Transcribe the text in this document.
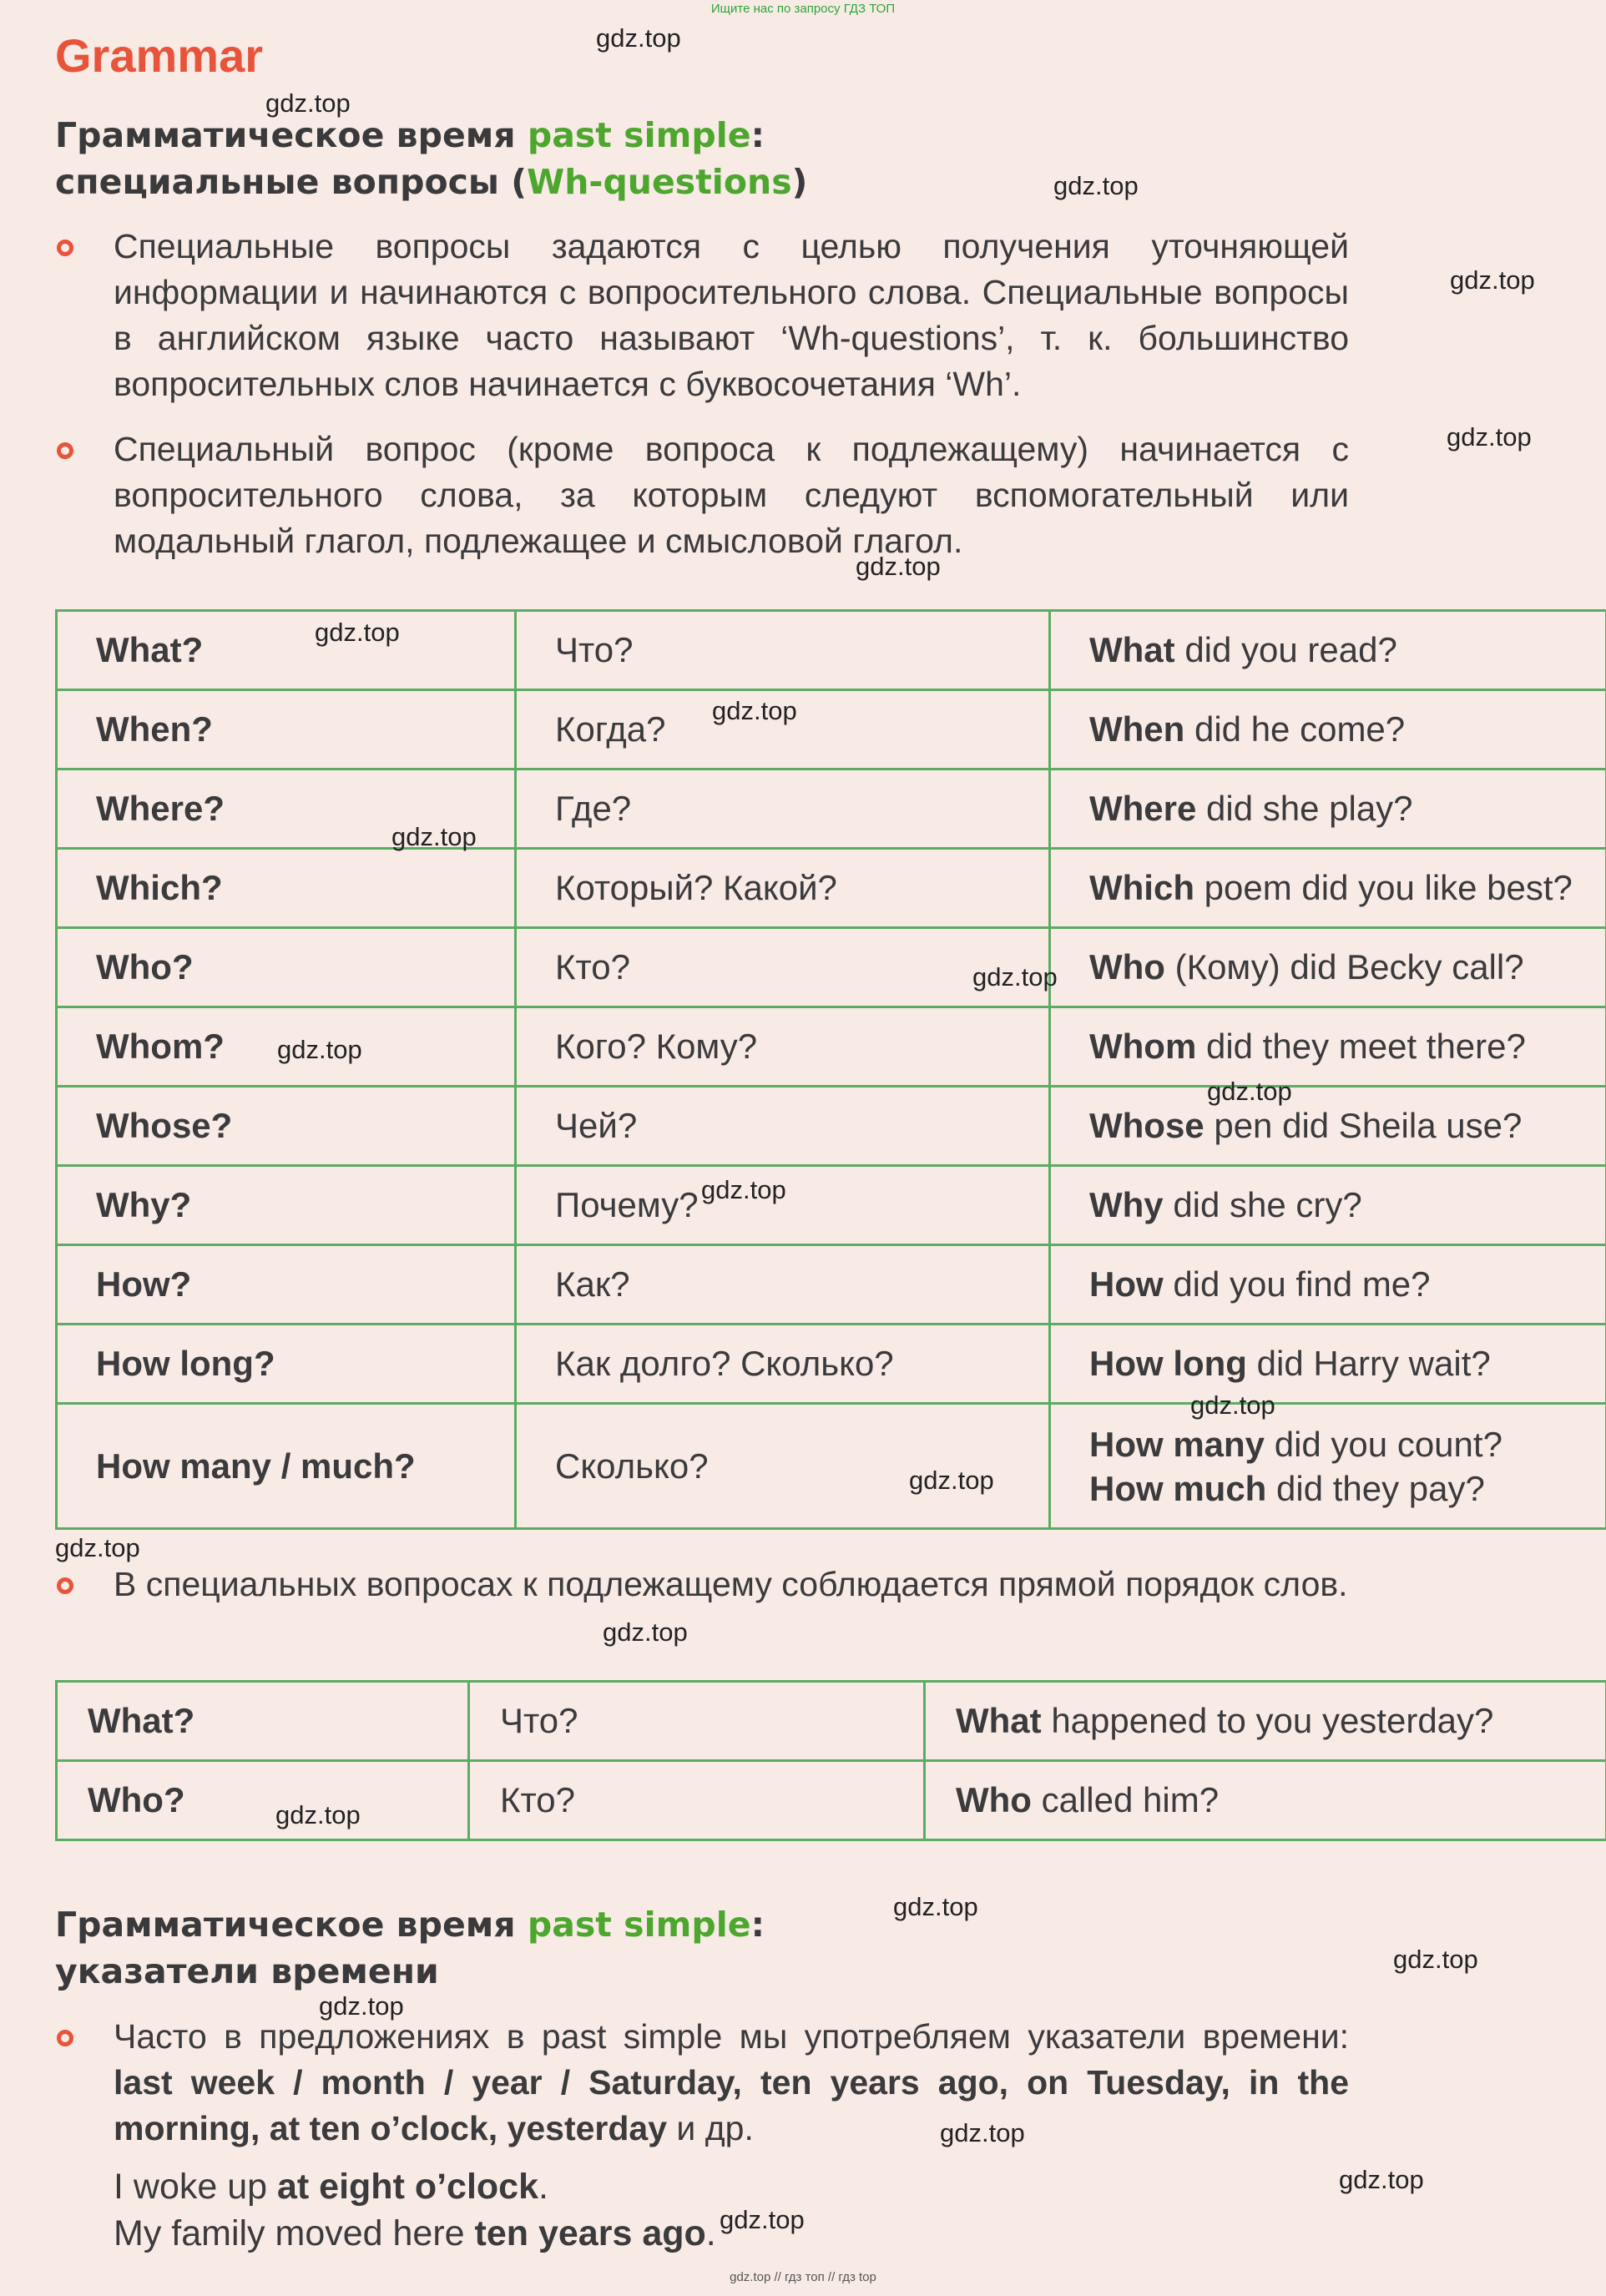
Ищите нас по запросу ГДЗ ТОП
Grammar
Грамматическое время past simple:
специальные вопросы (Wh-questions)
Специальные вопросы задаются с целью получения уточняющей информации и начинаются с вопросительного слова. Специальные вопросы в английском языке часто называют ‘Wh-questions’, т. к. большинство вопросительных слов начинается с буквосочетания ‘Wh’.
Специальный вопрос (кроме вопроса к подлежащему) начинается с вопросительного слова, за которым следуют вспомогательный или модальный глагол, подлежащее и смысловой глагол.
What?	Что?	What did you read?
When?	Когда?	When did he come?
Where?	Где?	Where did she play?
Which?	Который? Какой?	Which poem did you like best?
Who?	Кто?	Who (Кому) did Becky call?
Whom?	Кого? Кому?	Whom did they meet there?
Whose?	Чей?	Whose pen did Sheila use?
Why?	Почему?	Why did she cry?
How?	Как?	How did you find me?
How long?	Как долго? Сколько?	How long did Harry wait?
How many / much?	Сколько?	How many did you count?
How much did they pay?
В специальных вопросах к подлежащему соблюдается прямой порядок слов.
What?	Что?	What happened to you yesterday?
Who?	Кто?	Who called him?
Грамматическое время past simple:
указатели времени
Часто в предложениях в past simple мы употребляем указатели времени: last week / month / year / Saturday, ten years ago, on Tuesday, in the morning, at ten o’clock, yesterday и др.
I woke up at eight o’clock.
My family moved here ten years ago.
gdz.top
gdz.top
gdz.top
gdz.top
gdz.top
gdz.top
gdz.top
gdz.top
gdz.top
gdz.top
gdz.top
gdz.top
gdz.top
gdz.top
gdz.top
gdz.top
gdz.top
gdz.top
gdz.top
gdz.top
gdz.top
gdz.top
gdz.top
gdz.top
gdz.top // гдз топ // гдз top
